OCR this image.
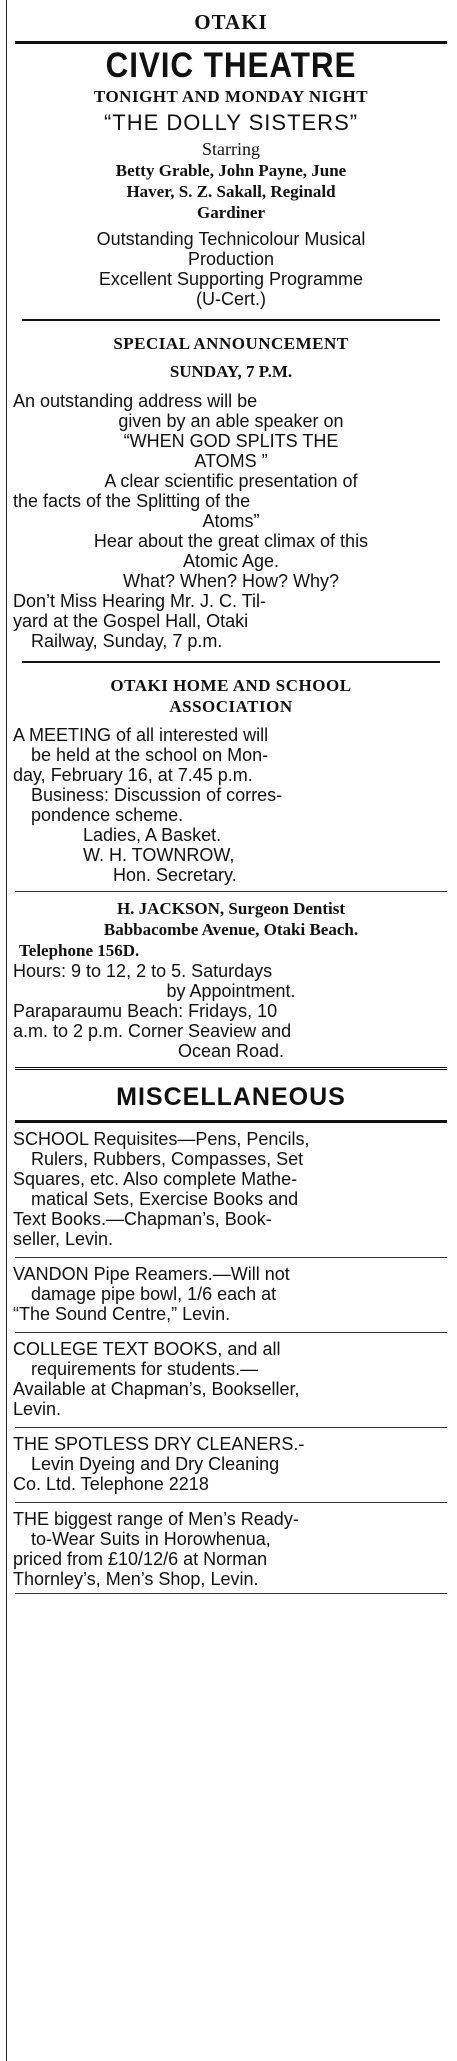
OTAKI
CIVIC THEATRE
TONIGHT AND MONDAY NIGHT
“THE DOLLY SISTERS”
Starring
Betty Grable, John Payne, June
Haver, S. Z. Sakall, Reginald
Gardiner
Outstanding Technicolour Musical
Production
Excellent Supporting Programme
(U-Cert.)
SPECIAL ANNOUNCEMENT
SUNDAY, 7 P.M.
An outstanding address will be
given by an able speaker on
“WHEN GOD SPLITS THE
ATOMS ”
A clear scientific presentation of
the facts of the Splitting of the
Atoms”
Hear about the great climax of this
Atomic Age.
What? When? How? Why?
Don’t Miss Hearing Mr. J. C. Til-
yard at the Gospel Hall, Otaki
Railway, Sunday, 7 p.m.
OTAKI HOME AND SCHOOL
ASSOCIATION
A MEETING of all interested will
be held at the school on Mon-
day, February 16, at 7.45 p.m.
Business: Discussion of corres-
pondence scheme.
Ladies, A Basket.
W. H. TOWNROW,
Hon. Secretary.
H. JACKSON, Surgeon Dentist
Babbacombe Avenue, Otaki Beach.
Telephone 156D.
Hours: 9 to 12, 2 to 5. Saturdays
by Appointment.
Paraparaumu Beach: Fridays, 10
a.m. to 2 p.m. Corner Seaview and
Ocean Road.
MISCELLANEOUS
SCHOOL Requisites—Pens, Pencils,
Rulers, Rubbers, Compasses, Set
Squares, etc. Also complete Mathe-
matical Sets, Exercise Books and
Text Books.—Chapman’s, Book-
seller, Levin.
VANDON Pipe Reamers.—Will not
damage pipe bowl, 1/6 each at
“The Sound Centre,” Levin.
COLLEGE TEXT BOOKS, and all
requirements for students.—
Available at Chapman’s, Bookseller,
Levin.
THE SPOTLESS DRY CLEANERS.-
Levin Dyeing and Dry Cleaning
Co. Ltd. Telephone 2218
THE biggest range of Men’s Ready-
to-Wear Suits in Horowhenua,
priced from £10/12/6 at Norman
Thornley’s, Men’s Shop, Levin.
